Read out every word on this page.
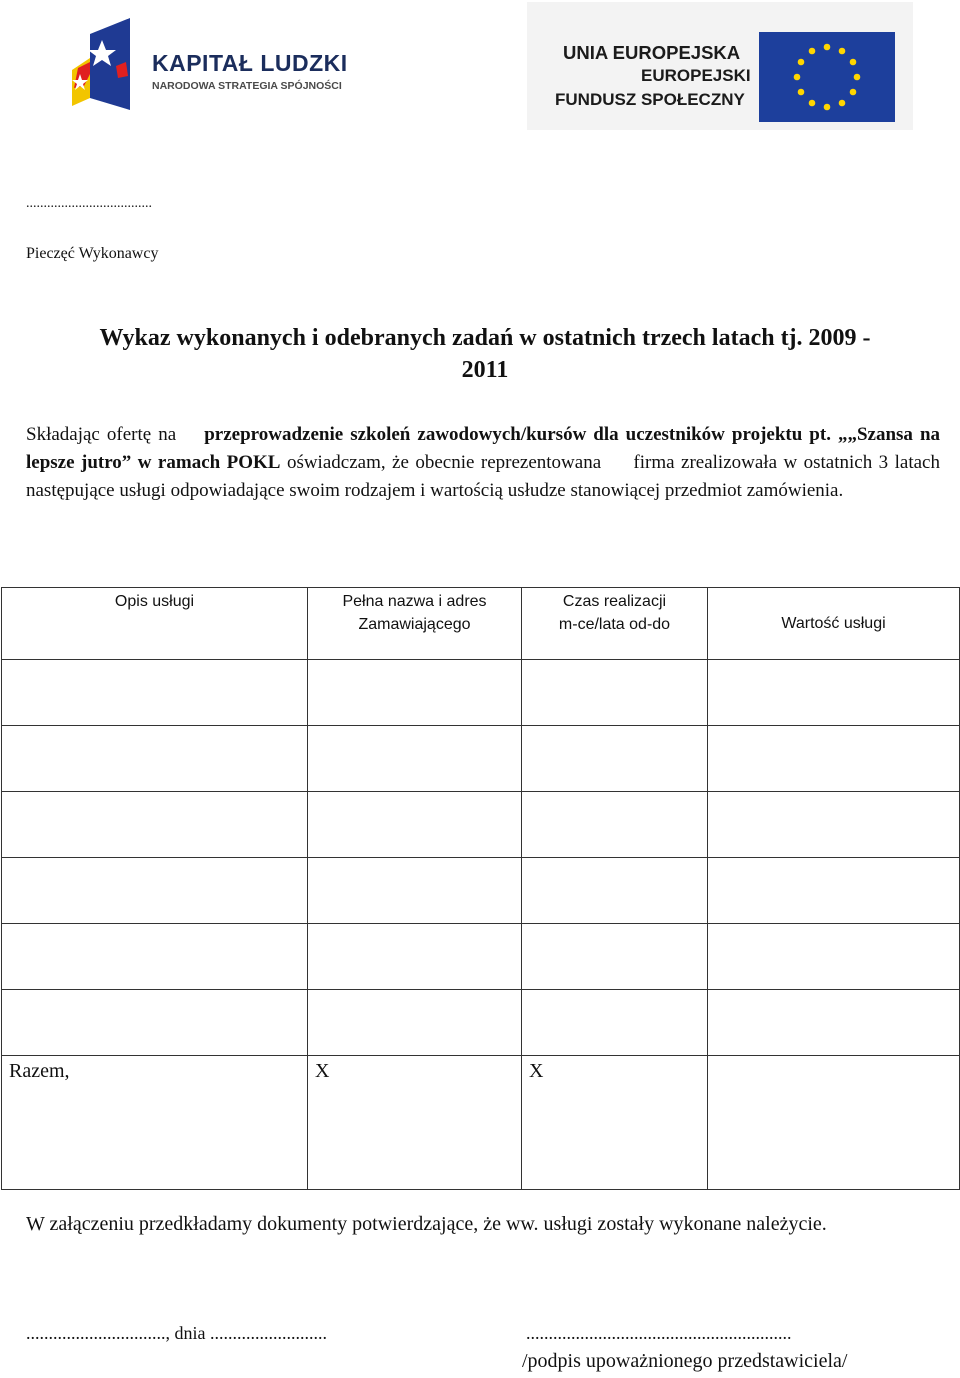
KAPITAŁ LUDZKI
NARODOWA STRATEGIA SPÓJNOŚCI
UNIA EUROPEJSKA
EUROPEJSKI
FUNDUSZ SPOŁECZNY
....................................
Pieczęć Wykonawcy
Wykaz wykonanych i odebranych zadań w ostatnich trzech latach tj. 2009 -
2011
Składając ofertę na przeprowadzenie szkoleń zawodowych/kursów dla uczestników projektu pt. „„Szansa na lepsze jutro” w ramach POKL oświadczam, że obecnie reprezentowana firma zrealizowała w ostatnich 3 latach następujące usługi odpowiadające swoim rodzajem i wartością usłudze stanowiącej przedmiot zamówienia.
Opis usługi	Pełna nazwa i adres Zamawiającego	Czas realizacji m-ce/lata od-do	Wartość usługi

Razem,	X	X	
W załączeniu przedkładamy dokumenty potwierdzające, że ww. usługi zostały wykonane należycie.
..............................., dnia ..........................	...........................................................
/podpis upoważnionego przedstawiciela/
